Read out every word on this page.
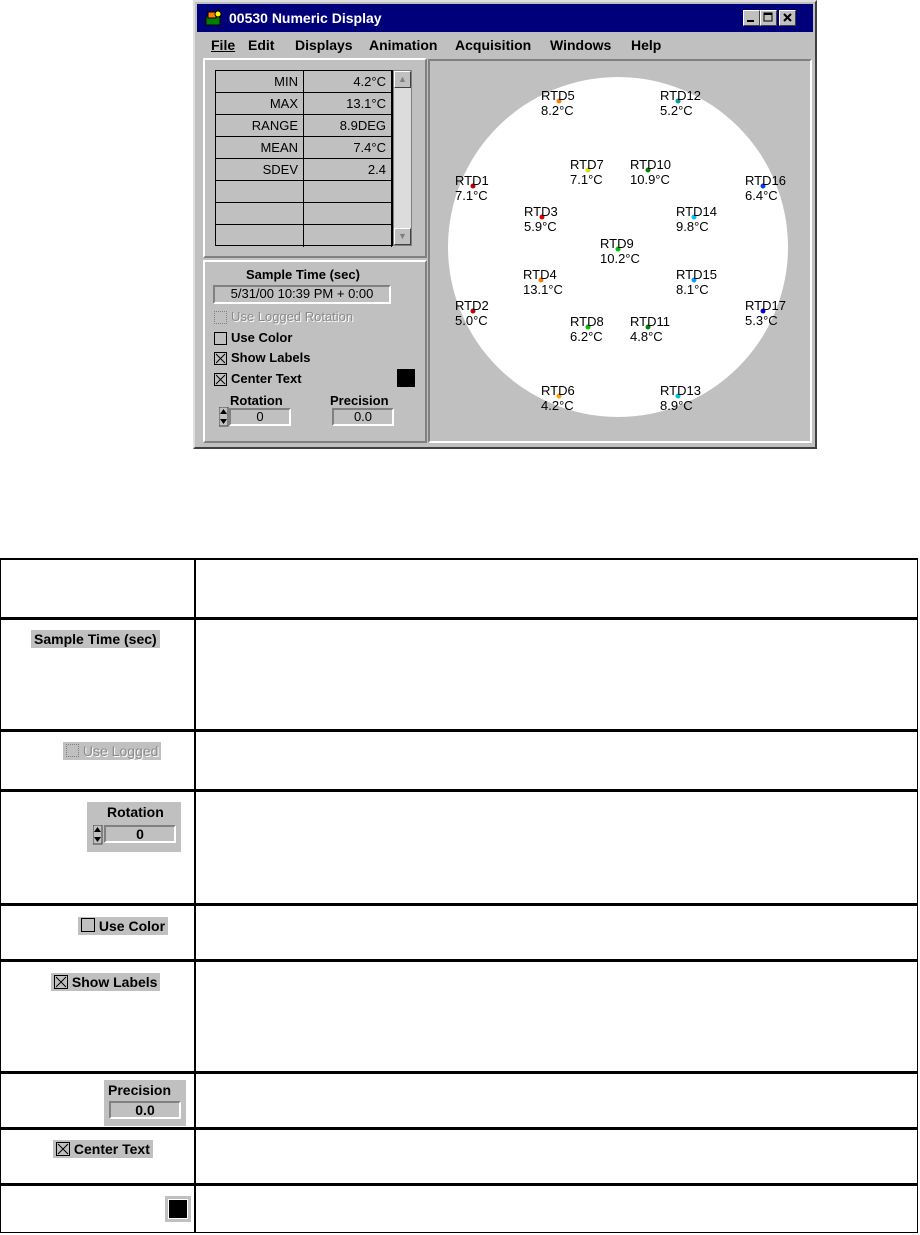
00530 Numeric Display
File Edit Displays Animation Acquisition Windows Help
MIN	4.2°C
MAX	13.1°C
RANGE	8.9DEG
MEAN	7.4°C
SDEV	2.4
▲
▼
Sample Time (sec)
5/31/00 10:39 PM + 0:00
Use Logged Rotation
Use Color
Show Labels
Center Text
Rotation
0
Precision
0.0
RTD1
7.1°C
RTD2
5.0°C
RTD3
5.9°C
RTD4
13.1°C
RTD5
8.2°C
RTD6
4.2°C
RTD7
7.1°C
RTD8
6.2°C
RTD9
10.2°C
RTD10
10.9°C
RTD11
4.8°C
RTD12
5.2°C
RTD13
8.9°C
RTD14
9.8°C
RTD15
8.1°C
RTD16
6.4°C
RTD17
5.3°C
Sample Time (sec)
Use Logged
Rotation
0
Use Color
Show Labels
Precision
0.0
Center Text
